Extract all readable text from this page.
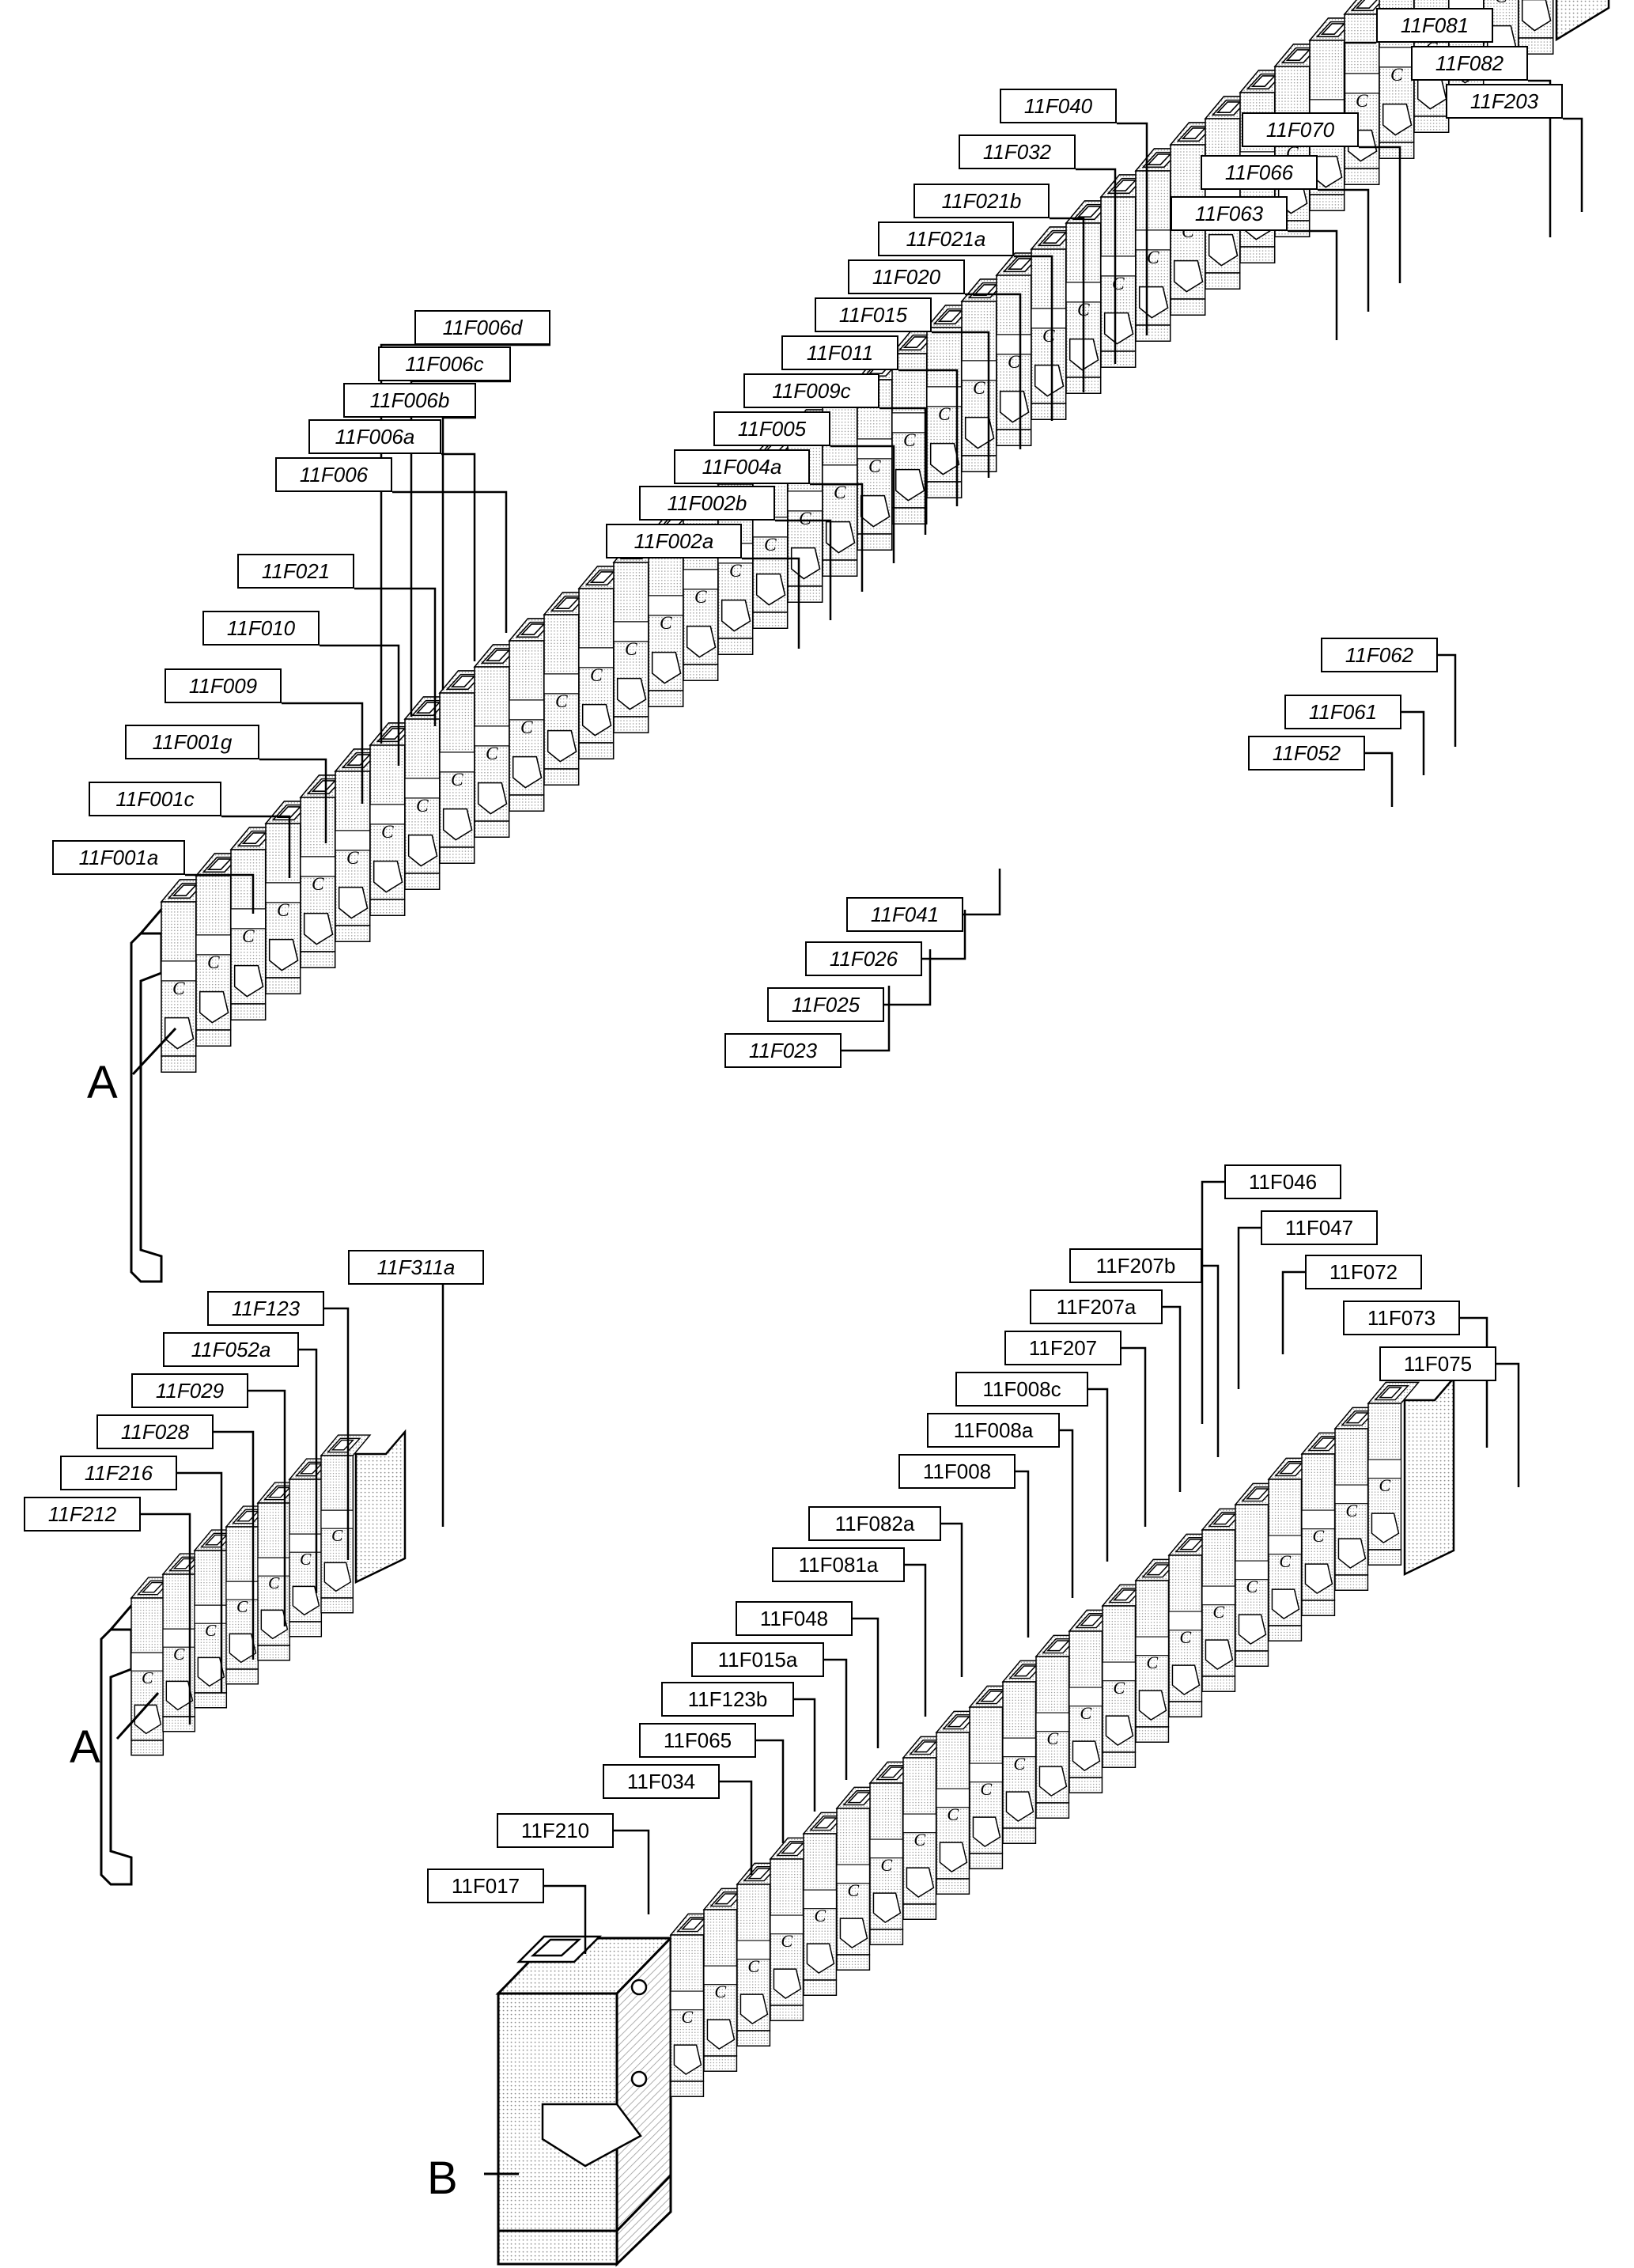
C
11F001a
11F001c
11F001g
11F009
11F010
11F021
11F006
11F006a
11F006b
11F006c
11F006d
11F002a
11F002b
11F004a
11F005
11F009c
11F011
11F015
11F020
11F021a
11F021b
11F032
11F040
11F063
11F066
11F070
11F081
11F082
11F203
11F023
11F025
11F026
11F041
11F052
11F061
11F062
11F212
11F216
11F028
11F029
11F052a
11F123
11F311a
11F017
11F210
11F034
11F065
11F123b
11F015a
11F048
11F081a
11F082a
11F008
11F008a
11F008c
11F207
11F207a
11F207b
11F046
11F047
11F072
11F073
11F075
A
A
B
